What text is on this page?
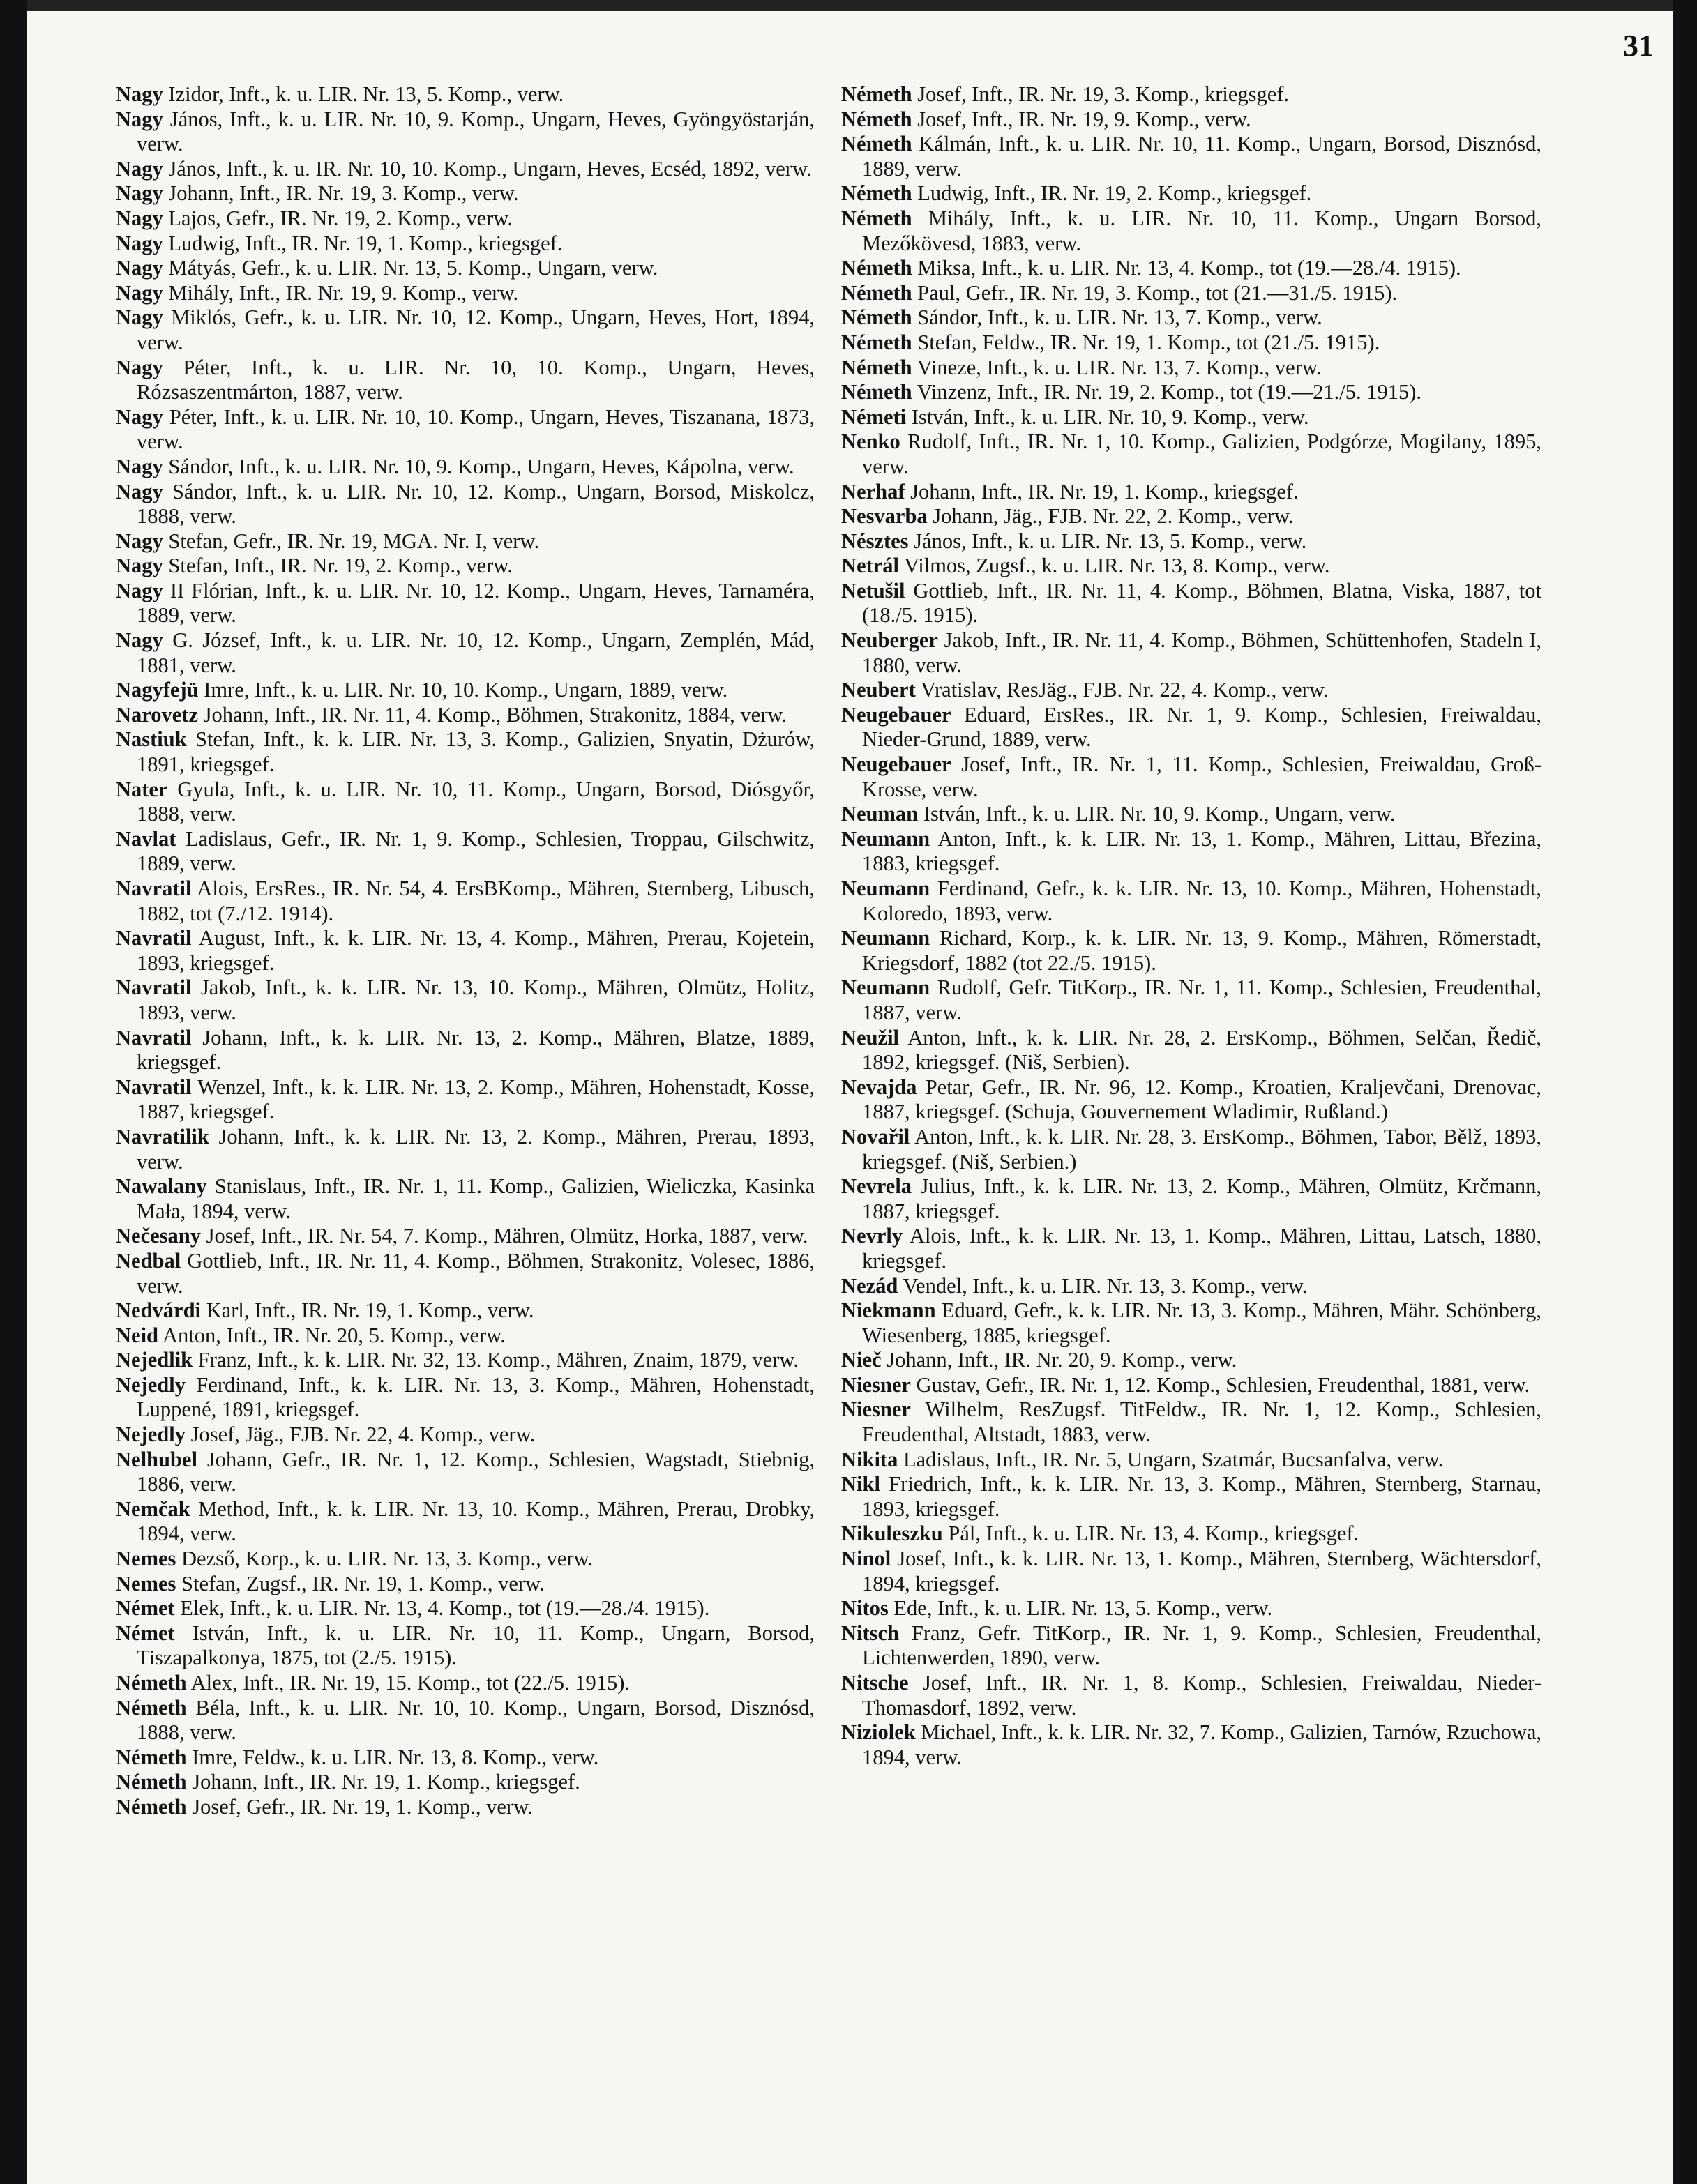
31

Nagy Izidor, Inft., k. u. LIR. Nr. 13, 5. Komp., verw.

Nagy János, Inft., k. u. LIR. Nr. 10, 9. Komp., Ungarn, Heves, Gyöngyöstarján, verw.

Nagy János, Inft., k. u. IR. Nr. 10, 10. Komp., Ungarn, Heves, Ecséd, 1892, verw.

Nagy Johann, Inft., IR. Nr. 19, 3. Komp., verw.

Nagy Lajos, Gefr., IR. Nr. 19, 2. Komp., verw.

Nagy Ludwig, Inft., IR. Nr. 19, 1. Komp., kriegsgef.

Nagy Mátyás, Gefr., k. u. LIR. Nr. 13, 5. Komp., Ungarn, verw.

Nagy Mihály, Inft., IR. Nr. 19, 9. Komp., verw.

Nagy Miklós, Gefr., k. u. LIR. Nr. 10, 12. Komp., Ungarn, Heves, Hort, 1894, verw.

Nagy Péter, Inft., k. u. LIR. Nr. 10, 10. Komp., Ungarn, Heves, Rózsaszentmárton, 1887, verw.

Nagy Péter, Inft., k. u. LIR. Nr. 10, 10. Komp., Ungarn, Heves, Tiszanana, 1873, verw.

Nagy Sándor, Inft., k. u. LIR. Nr. 10, 9. Komp., Ungarn, Heves, Kápolna, verw.

Nagy Sándor, Inft., k. u. LIR. Nr. 10, 12. Komp., Ungarn, Borsod, Miskolcz, 1888, verw.

Nagy Stefan, Gefr., IR. Nr. 19, MGA. Nr. I, verw.

Nagy Stefan, Inft., IR. Nr. 19, 2. Komp., verw.

Nagy II Flórian, Inft., k. u. LIR. Nr. 10, 12. Komp., Ungarn, Heves, Tarnaméra, 1889, verw.

Nagy G. József, Inft., k. u. LIR. Nr. 10, 12. Komp., Ungarn, Zemplén, Mád, 1881, verw.

Nagyfejü Imre, Inft., k. u. LIR. Nr. 10, 10. Komp., Ungarn, 1889, verw.

Narovetz Johann, Inft., IR. Nr. 11, 4. Komp., Böhmen, Strakonitz, 1884, verw.

Nastiuk Stefan, Inft., k. k. LIR. Nr. 13, 3. Komp., Galizien, Snyatin, Dżurów, 1891, kriegsgef.

Nater Gyula, Inft., k. u. LIR. Nr. 10, 11. Komp., Ungarn, Borsod, Diósgyőr, 1888, verw.

Navlat Ladislaus, Gefr., IR. Nr. 1, 9. Komp., Schlesien, Troppau, Gilschwitz, 1889, verw.

Navratil Alois, ErsRes., IR. Nr. 54, 4. ErsBKomp., Mähren, Sternberg, Libusch, 1882, tot (7./12. 1914).

Navratil August, Inft., k. k. LIR. Nr. 13, 4. Komp., Mähren, Prerau, Kojetein, 1893, kriegsgef.

Navratil Jakob, Inft., k. k. LIR. Nr. 13, 10. Komp., Mähren, Olmütz, Holitz, 1893, verw.

Navratil Johann, Inft., k. k. LIR. Nr. 13, 2. Komp., Mähren, Blatze, 1889, kriegsgef.

Navratil Wenzel, Inft., k. k. LIR. Nr. 13, 2. Komp., Mähren, Hohenstadt, Kosse, 1887, kriegsgef.

Navratilik Johann, Inft., k. k. LIR. Nr. 13, 2. Komp., Mähren, Prerau, 1893, verw.

Nawalany Stanislaus, Inft., IR. Nr. 1, 11. Komp., Galizien, Wieliczka, Kasinka Mała, 1894, verw.

Nečesany Josef, Inft., IR. Nr. 54, 7. Komp., Mähren, Olmütz, Horka, 1887, verw.

Nedbal Gottlieb, Inft., IR. Nr. 11, 4. Komp., Böhmen, Strakonitz, Volesec, 1886, verw.

Nedvárdi Karl, Inft., IR. Nr. 19, 1. Komp., verw.

Neid Anton, Inft., IR. Nr. 20, 5. Komp., verw.

Nejedlik Franz, Inft., k. k. LIR. Nr. 32, 13. Komp., Mähren, Znaim, 1879, verw.

Nejedly Ferdinand, Inft., k. k. LIR. Nr. 13, 3. Komp., Mähren, Hohenstadt, Luppené, 1891, kriegsgef.

Nejedly Josef, Jäg., FJB. Nr. 22, 4. Komp., verw.

Nelhubel Johann, Gefr., IR. Nr. 1, 12. Komp., Schlesien, Wagstadt, Stiebnig, 1886, verw.

Nemčak Method, Inft., k. k. LIR. Nr. 13, 10. Komp., Mähren, Prerau, Drobky, 1894, verw.

Nemes Dezső, Korp., k. u. LIR. Nr. 13, 3. Komp., verw.

Nemes Stefan, Zugsf., IR. Nr. 19, 1. Komp., verw.

Német Elek, Inft., k. u. LIR. Nr. 13, 4. Komp., tot (19.—28./4. 1915).

Német István, Inft., k. u. LIR. Nr. 10, 11. Komp., Ungarn, Borsod, Tiszapalkonya, 1875, tot (2./5. 1915).

Németh Alex, Inft., IR. Nr. 19, 15. Komp., tot (22./5. 1915).

Németh Béla, Inft., k. u. LIR. Nr. 10, 10. Komp., Ungarn, Borsod, Disznósd, 1888, verw.

Németh Imre, Feldw., k. u. LIR. Nr. 13, 8. Komp., verw.

Németh Johann, Inft., IR. Nr. 19, 1. Komp., kriegsgef.

Németh Josef, Gefr., IR. Nr. 19, 1. Komp., verw.

Németh Josef, Inft., IR. Nr. 19, 3. Komp., kriegsgef.

Németh Josef, Inft., IR. Nr. 19, 9. Komp., verw.

Németh Kálmán, Inft., k. u. LIR. Nr. 10, 11. Komp., Ungarn, Borsod, Disznósd, 1889, verw.

Németh Ludwig, Inft., IR. Nr. 19, 2. Komp., kriegsgef.

Németh Mihály, Inft., k. u. LIR. Nr. 10, 11. Komp., Ungarn Borsod, Mezőkövesd, 1883, verw.

Németh Miksa, Inft., k. u. LIR. Nr. 13, 4. Komp., tot (19.—28./4. 1915).

Németh Paul, Gefr., IR. Nr. 19, 3. Komp., tot (21.—31./5. 1915).

Németh Sándor, Inft., k. u. LIR. Nr. 13, 7. Komp., verw.

Németh Stefan, Feldw., IR. Nr. 19, 1. Komp., tot (21./5. 1915).

Németh Vineze, Inft., k. u. LIR. Nr. 13, 7. Komp., verw.

Németh Vinzenz, Inft., IR. Nr. 19, 2. Komp., tot (19.—21./5. 1915).

Németi István, Inft., k. u. LIR. Nr. 10, 9. Komp., verw.

Nenko Rudolf, Inft., IR. Nr. 1, 10. Komp., Galizien, Podgórze, Mogilany, 1895, verw.

Nerhaf Johann, Inft., IR. Nr. 19, 1. Komp., kriegsgef.

Nesvarba Johann, Jäg., FJB. Nr. 22, 2. Komp., verw.

Nésztes János, Inft., k. u. LIR. Nr. 13, 5. Komp., verw.

Netrál Vilmos, Zugsf., k. u. LIR. Nr. 13, 8. Komp., verw.

Netušil Gottlieb, Inft., IR. Nr. 11, 4. Komp., Böhmen, Blatna, Viska, 1887, tot (18./5. 1915).

Neuberger Jakob, Inft., IR. Nr. 11, 4. Komp., Böhmen, Schüttenhofen, Stadeln I, 1880, verw.

Neubert Vratislav, ResJäg., FJB. Nr. 22, 4. Komp., verw.

Neugebauer Eduard, ErsRes., IR. Nr. 1, 9. Komp., Schlesien, Freiwaldau, Nieder-Grund, 1889, verw.

Neugebauer Josef, Inft., IR. Nr. 1, 11. Komp., Schlesien, Freiwaldau, Groß-Krosse, verw.

Neuman István, Inft., k. u. LIR. Nr. 10, 9. Komp., Ungarn, verw.

Neumann Anton, Inft., k. k. LIR. Nr. 13, 1. Komp., Mähren, Littau, Březina, 1883, kriegsgef.

Neumann Ferdinand, Gefr., k. k. LIR. Nr. 13, 10. Komp., Mähren, Hohenstadt, Koloredo, 1893, verw.

Neumann Richard, Korp., k. k. LIR. Nr. 13, 9. Komp., Mähren, Römerstadt, Kriegsdorf, 1882 (tot 22./5. 1915).

Neumann Rudolf, Gefr. TitKorp., IR. Nr. 1, 11. Komp., Schlesien, Freudenthal, 1887, verw.

Neužil Anton, Inft., k. k. LIR. Nr. 28, 2. ErsKomp., Böhmen, Selčan, Ředič, 1892, kriegsgef. (Niš, Serbien).

Nevajda Petar, Gefr., IR. Nr. 96, 12. Komp., Kroatien, Kraljevčani, Drenovac, 1887, kriegsgef. (Schuja, Gouvernement Wladimir, Rußland.)

Novařil Anton, Inft., k. k. LIR. Nr. 28, 3. ErsKomp., Böhmen, Tabor, Bělž, 1893, kriegsgef. (Niš, Serbien.)

Nevrela Julius, Inft., k. k. LIR. Nr. 13, 2. Komp., Mähren, Olmütz, Krčmann, 1887, kriegsgef.

Nevrly Alois, Inft., k. k. LIR. Nr. 13, 1. Komp., Mähren, Littau, Latsch, 1880, kriegsgef.

Nezád Vendel, Inft., k. u. LIR. Nr. 13, 3. Komp., verw.

Niekmann Eduard, Gefr., k. k. LIR. Nr. 13, 3. Komp., Mähren, Mähr. Schönberg, Wiesenberg, 1885, kriegsgef.

Nieč Johann, Inft., IR. Nr. 20, 9. Komp., verw.

Niesner Gustav, Gefr., IR. Nr. 1, 12. Komp., Schlesien, Freudenthal, 1881, verw.

Niesner Wilhelm, ResZugsf. TitFeldw., IR. Nr. 1, 12. Komp., Schlesien, Freudenthal, Altstadt, 1883, verw.

Nikita Ladislaus, Inft., IR. Nr. 5, Ungarn, Szatmár, Bucsanfalva, verw.

Nikl Friedrich, Inft., k. k. LIR. Nr. 13, 3. Komp., Mähren, Sternberg, Starnau, 1893, kriegsgef.

Nikuleszku Pál, Inft., k. u. LIR. Nr. 13, 4. Komp., kriegsgef.

Ninol Josef, Inft., k. k. LIR. Nr. 13, 1. Komp., Mähren, Sternberg, Wächtersdorf, 1894, kriegsgef.

Nitos Ede, Inft., k. u. LIR. Nr. 13, 5. Komp., verw.

Nitsch Franz, Gefr. TitKorp., IR. Nr. 1, 9. Komp., Schlesien, Freudenthal, Lichtenwerden, 1890, verw.

Nitsche Josef, Inft., IR. Nr. 1, 8. Komp., Schlesien, Freiwaldau, Nieder-Thomasdorf, 1892, verw.

Niziolek Michael, Inft., k. k. LIR. Nr. 32, 7. Komp., Galizien, Tarnów, Rzuchowa, 1894, verw.
